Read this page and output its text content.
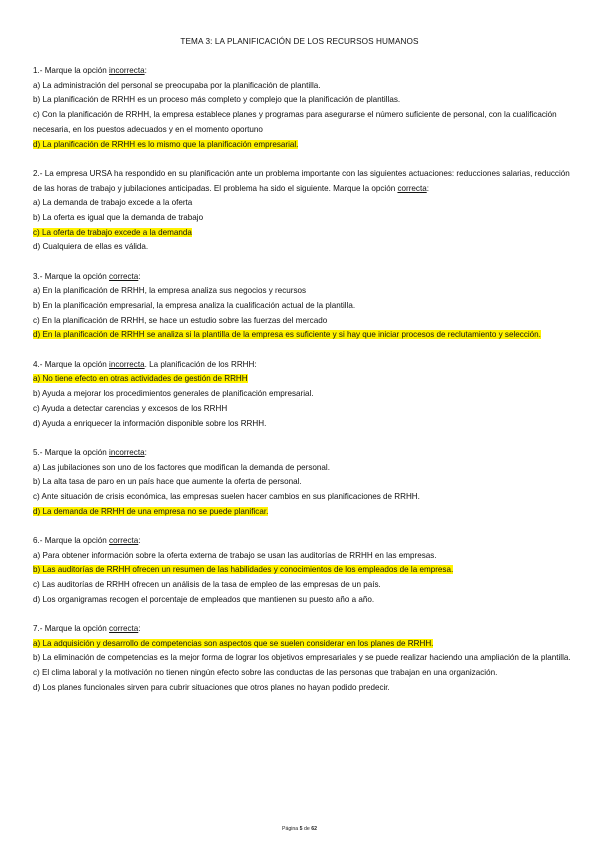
TEMA 3: LA PLANIFICACIÓN DE LOS RECURSOS HUMANOS

1.- Marque la opción incorrecta:

a) La administración del personal se preocupaba por la planificación de plantilla.
b) La planificación de RRHH es un proceso más completo y complejo que la planificación de plantillas.
c) Con la planificación de RRHH, la empresa establece planes y programas para asegurarse el número suficiente de personal, con la cualificación necesaria, en los puestos adecuados y en el momento oportuno
d) La planificación de RRHH es lo mismo que la planificación empresarial.

2.- La empresa URSA ha respondido en su planificación ante un problema importante con las siguientes actuaciones: reducciones salarias, reducción de las horas de trabajo y jubilaciones anticipadas. El problema ha sido el siguiente. Marque la opción correcta:

a) La demanda de trabajo excede a la oferta
b) La oferta es igual que la demanda de trabajo
c) La oferta de trabajo excede a la demanda
d) Cualquiera de ellas es válida.

3.- Marque la opción correcta:

a) En la planificación de RRHH, la empresa analiza sus negocios y recursos
b) En la planificación empresarial, la empresa analiza la cualificación actual de la plantilla.
c) En la planificación de RRHH, se hace un estudio sobre las fuerzas del mercado
d) En la planificación de RRHH se analiza si la plantilla de la empresa es suficiente y si hay que iniciar procesos de reclutamiento y selección.

4.- Marque la opción incorrecta. La planificación de los RRHH:

a) No tiene efecto en otras actividades de gestión de RRHH
b) Ayuda a mejorar los procedimientos generales de planificación empresarial.
c) Ayuda a detectar carencias y excesos de los RRHH
d) Ayuda a enriquecer la información disponible sobre los RRHH.

5.- Marque la opción incorrecta:

a) Las jubilaciones son uno de los factores que modifican la demanda de personal.
b) La alta tasa de paro en un país hace que aumente la oferta de personal.
c) Ante situación de crisis económica, las empresas suelen hacer cambios en sus planificaciones de RRHH.
d) La demanda de RRHH de una empresa no se puede planificar.

6.- Marque la opción correcta:

a) Para obtener información sobre la oferta externa de trabajo se usan las auditorías de RRHH en las empresas.
b) Las auditorías de RRHH ofrecen un resumen de las habilidades y conocimientos de los empleados de la empresa.
c) Las auditorías de RRHH ofrecen un análisis de la tasa de empleo de las empresas de un país.
d) Los organigramas recogen el porcentaje de empleados que mantienen su puesto año a año.

7.- Marque la opción correcta:

a) La adquisición y desarrollo de competencias son aspectos que se suelen considerar en los planes de RRHH.
b) La eliminación de competencias es la mejor forma de lograr los objetivos empresariales y se puede realizar haciendo una ampliación de la plantilla.
c) El clima laboral y la motivación no tienen ningún efecto sobre las conductas de las personas que trabajan en una organización.
d) Los planes funcionales sirven para cubrir situaciones que otros planes no hayan podido predecir.
Página 5 de 62
